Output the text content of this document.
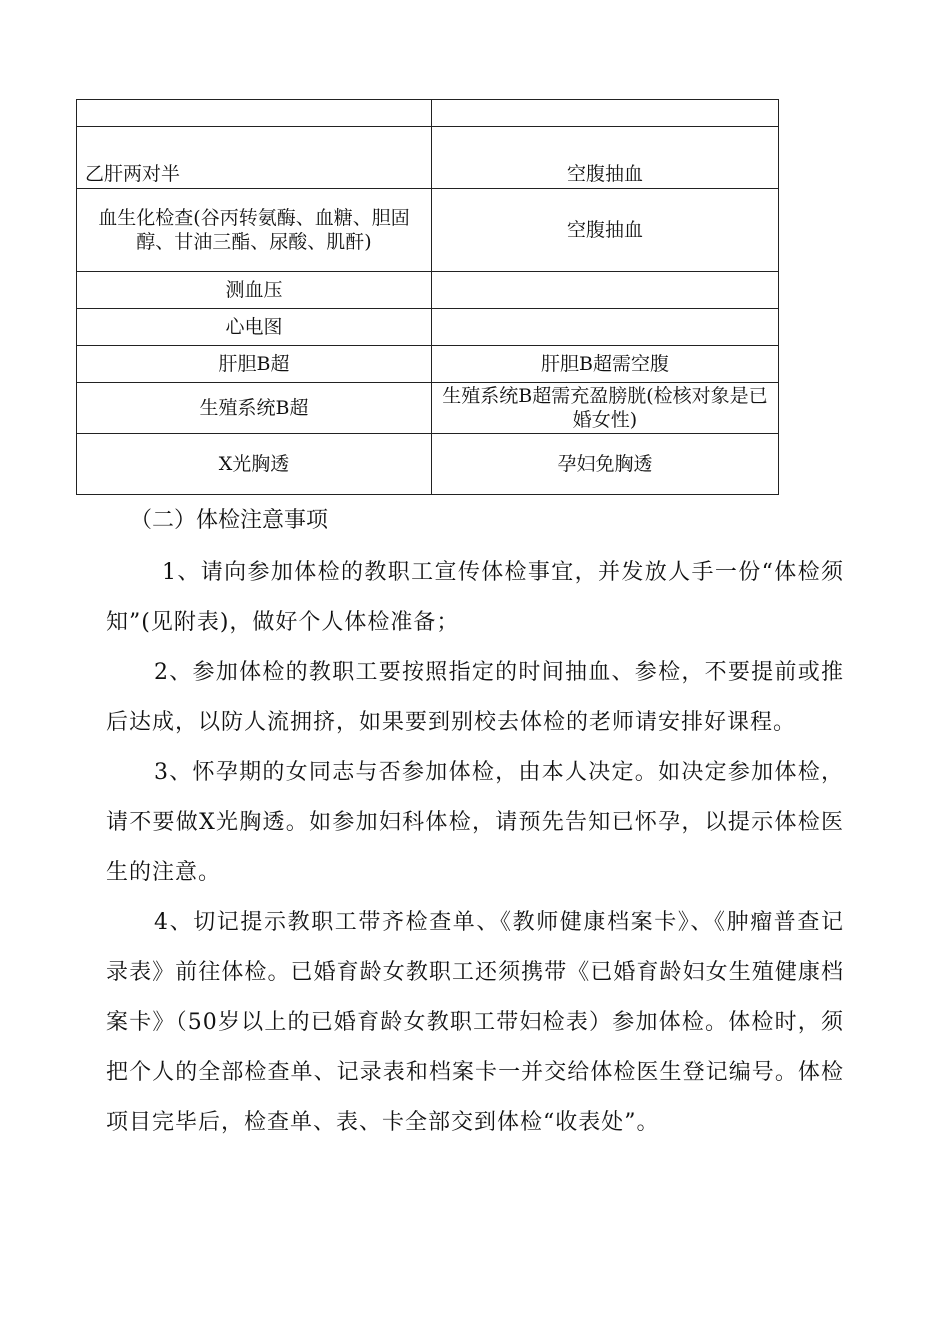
乙肝两对半	空腹抽血
血生化检查(谷丙转氨酶、血糖、胆固醇、甘油三酯、尿酸、肌酐)	空腹抽血
测血压	
心电图	
肝胆B超	肝胆B超需空腹
生殖系统B超	生殖系统B超需充盈膀胱(检核对象是已婚女性)
X光胸透	孕妇免胸透
（二）体检注意事项

1、请向参加体检的教职工宣传体检事宜，并发放人手一份“体检须知”(见附表)，做好个人体检准备；

2、参加体检的教职工要按照指定的时间抽血、参检，不要提前或推后达成，以防人流拥挤，如果要到别校去体检的老师请安排好课程。

3、怀孕期的女同志与否参加体检，由本人决定。如决定参加体检，请不要做X光胸透。如参加妇科体检，请预先告知已怀孕，以提示体检医生的注意。

4、切记提示教职工带齐检查单、《教师健康档案卡》、《肿瘤普查记录表》前往体检。已婚育龄女教职工还须携带《已婚育龄妇女生殖健康档案卡》（50岁以上的已婚育龄女教职工带妇检表）参加体检。体检时，须把个人的全部检查单、记录表和档案卡一并交给体检医生登记编号。体检项目完毕后，检查单、表、卡全部交到体检“收表处”。
